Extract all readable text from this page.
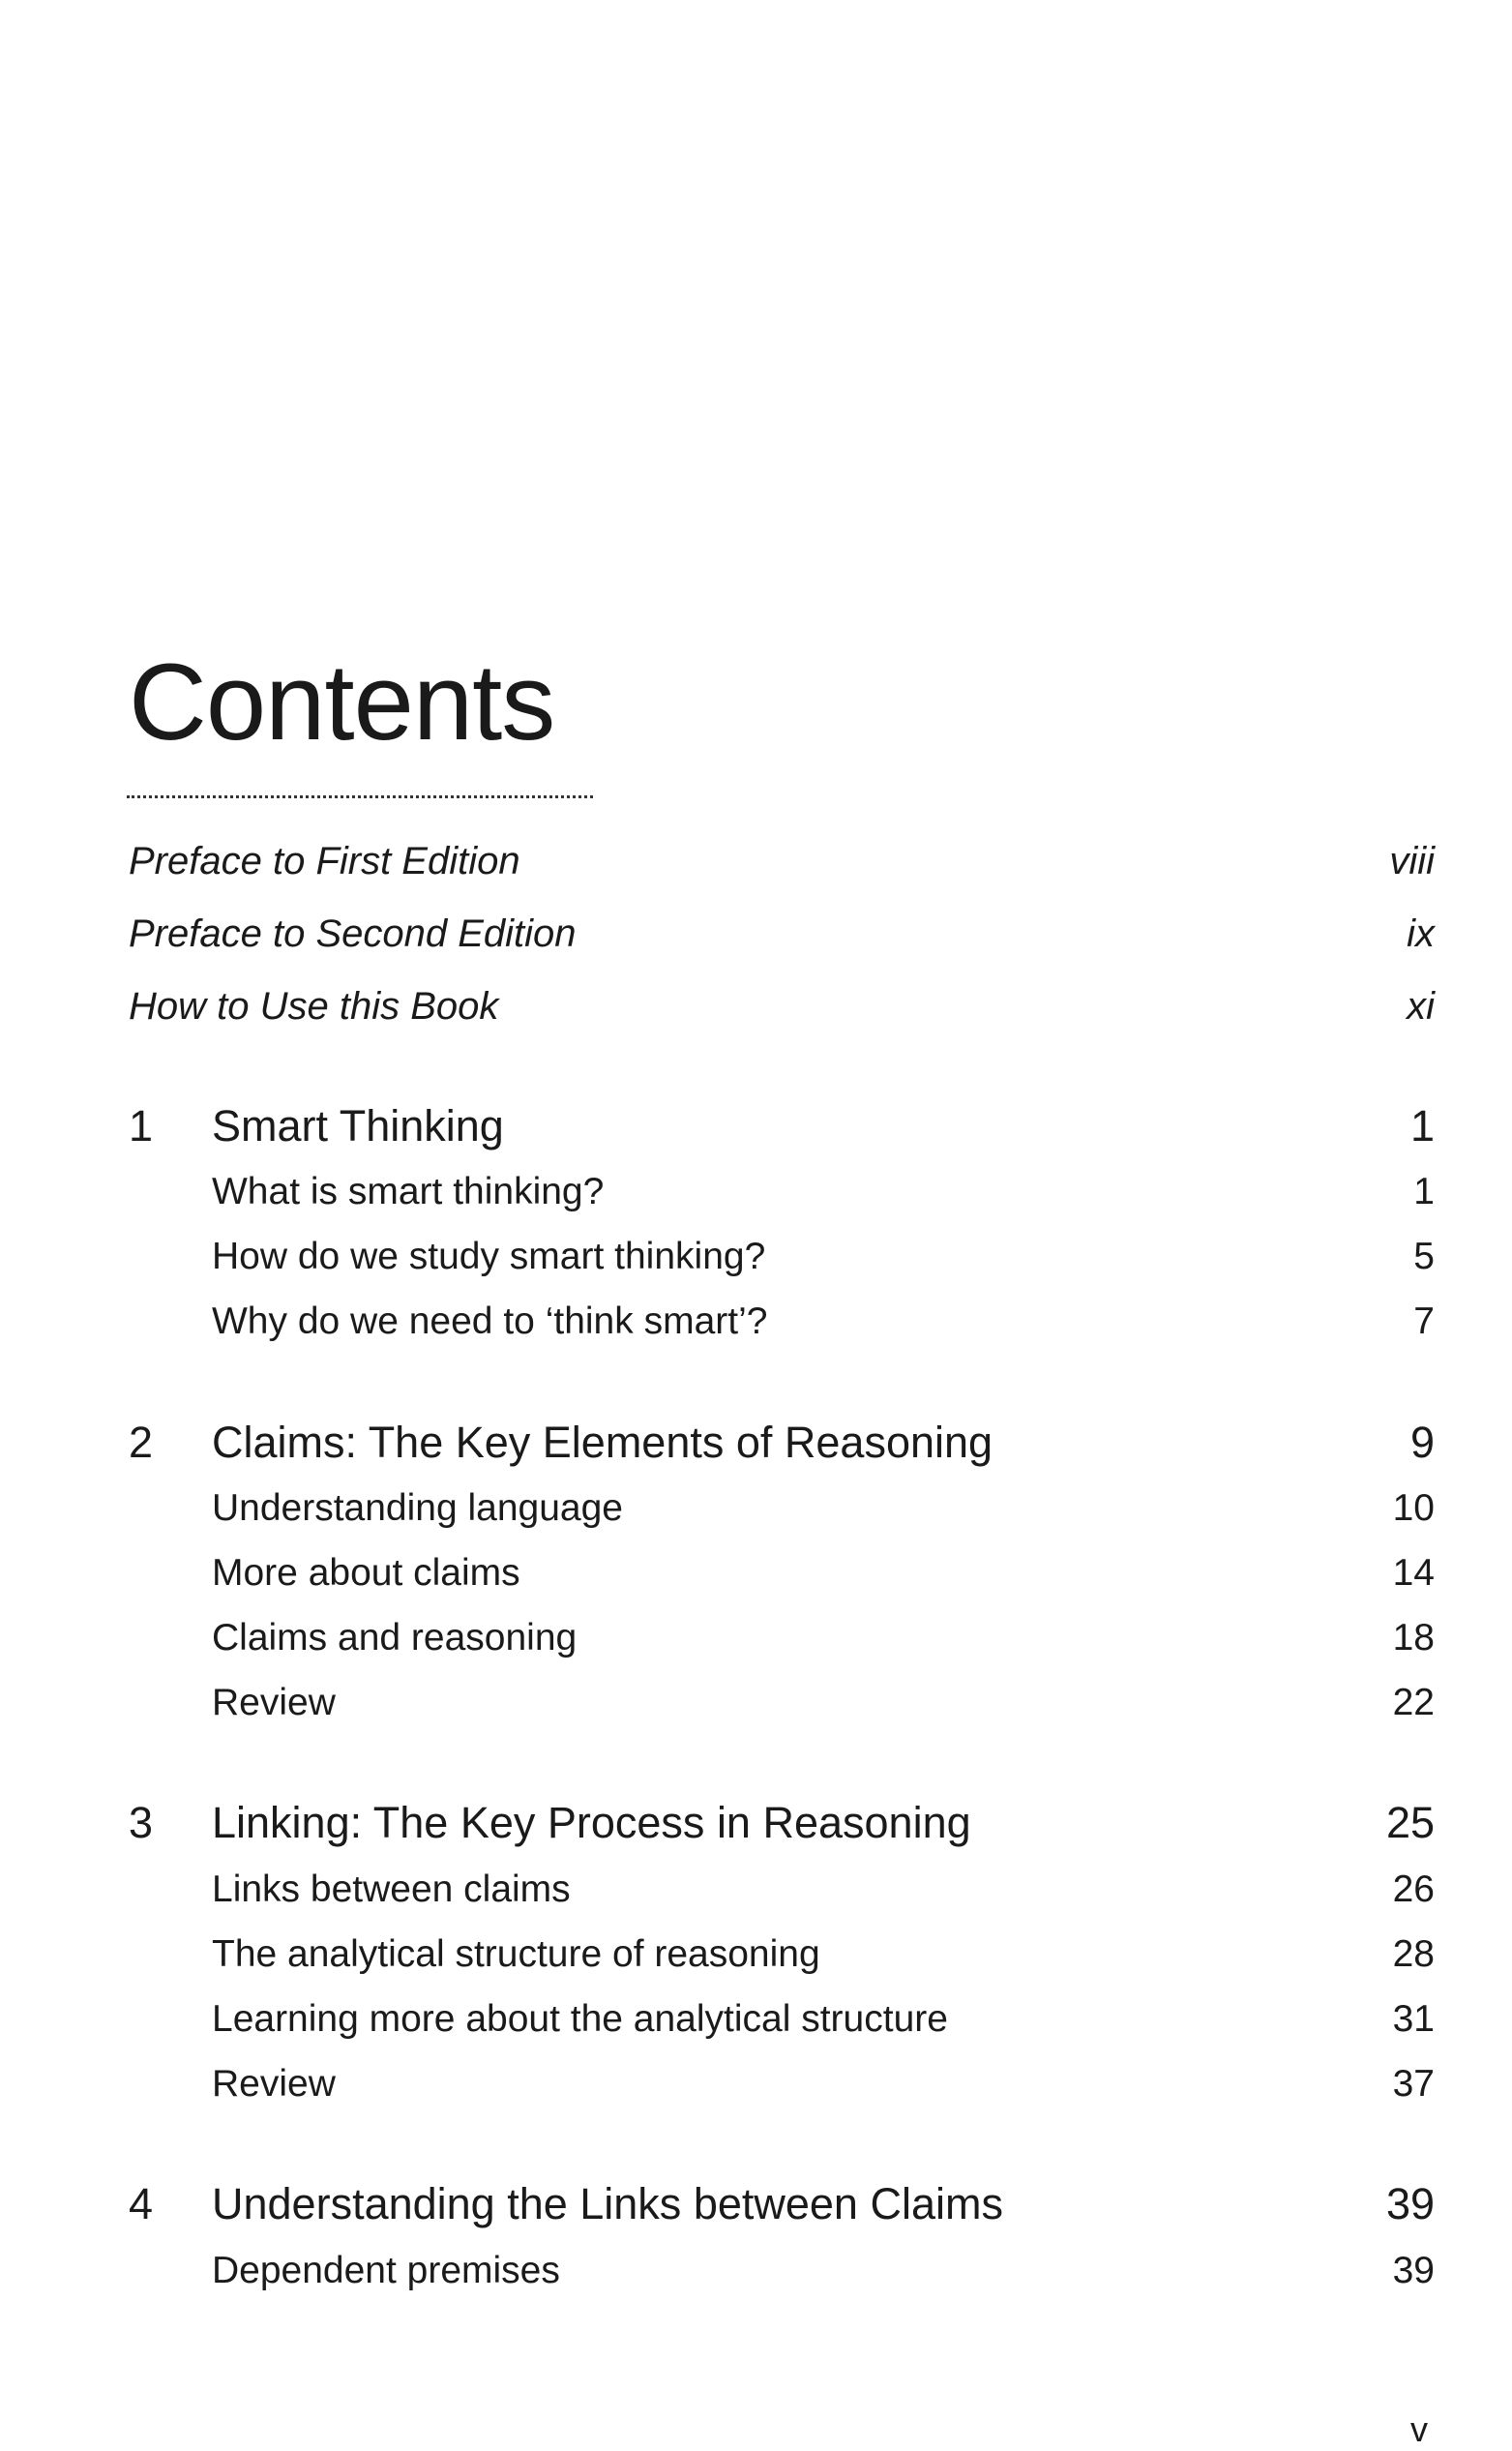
Contents
Preface to First Edition	viii
Preface to Second Edition	ix
How to Use this Book	xi
1	Smart Thinking	1
What is smart thinking?	1
How do we study smart thinking?	5
Why do we need to ‘think smart’?	7
2	Claims: The Key Elements of Reasoning	9
Understanding language	10
More about claims	14
Claims and reasoning	18
Review	22
3	Linking: The Key Process in Reasoning	25
Links between claims	26
The analytical structure of reasoning	28
Learning more about the analytical structure	31
Review	37
4	Understanding the Links between Claims	39
Dependent premises	39
v
